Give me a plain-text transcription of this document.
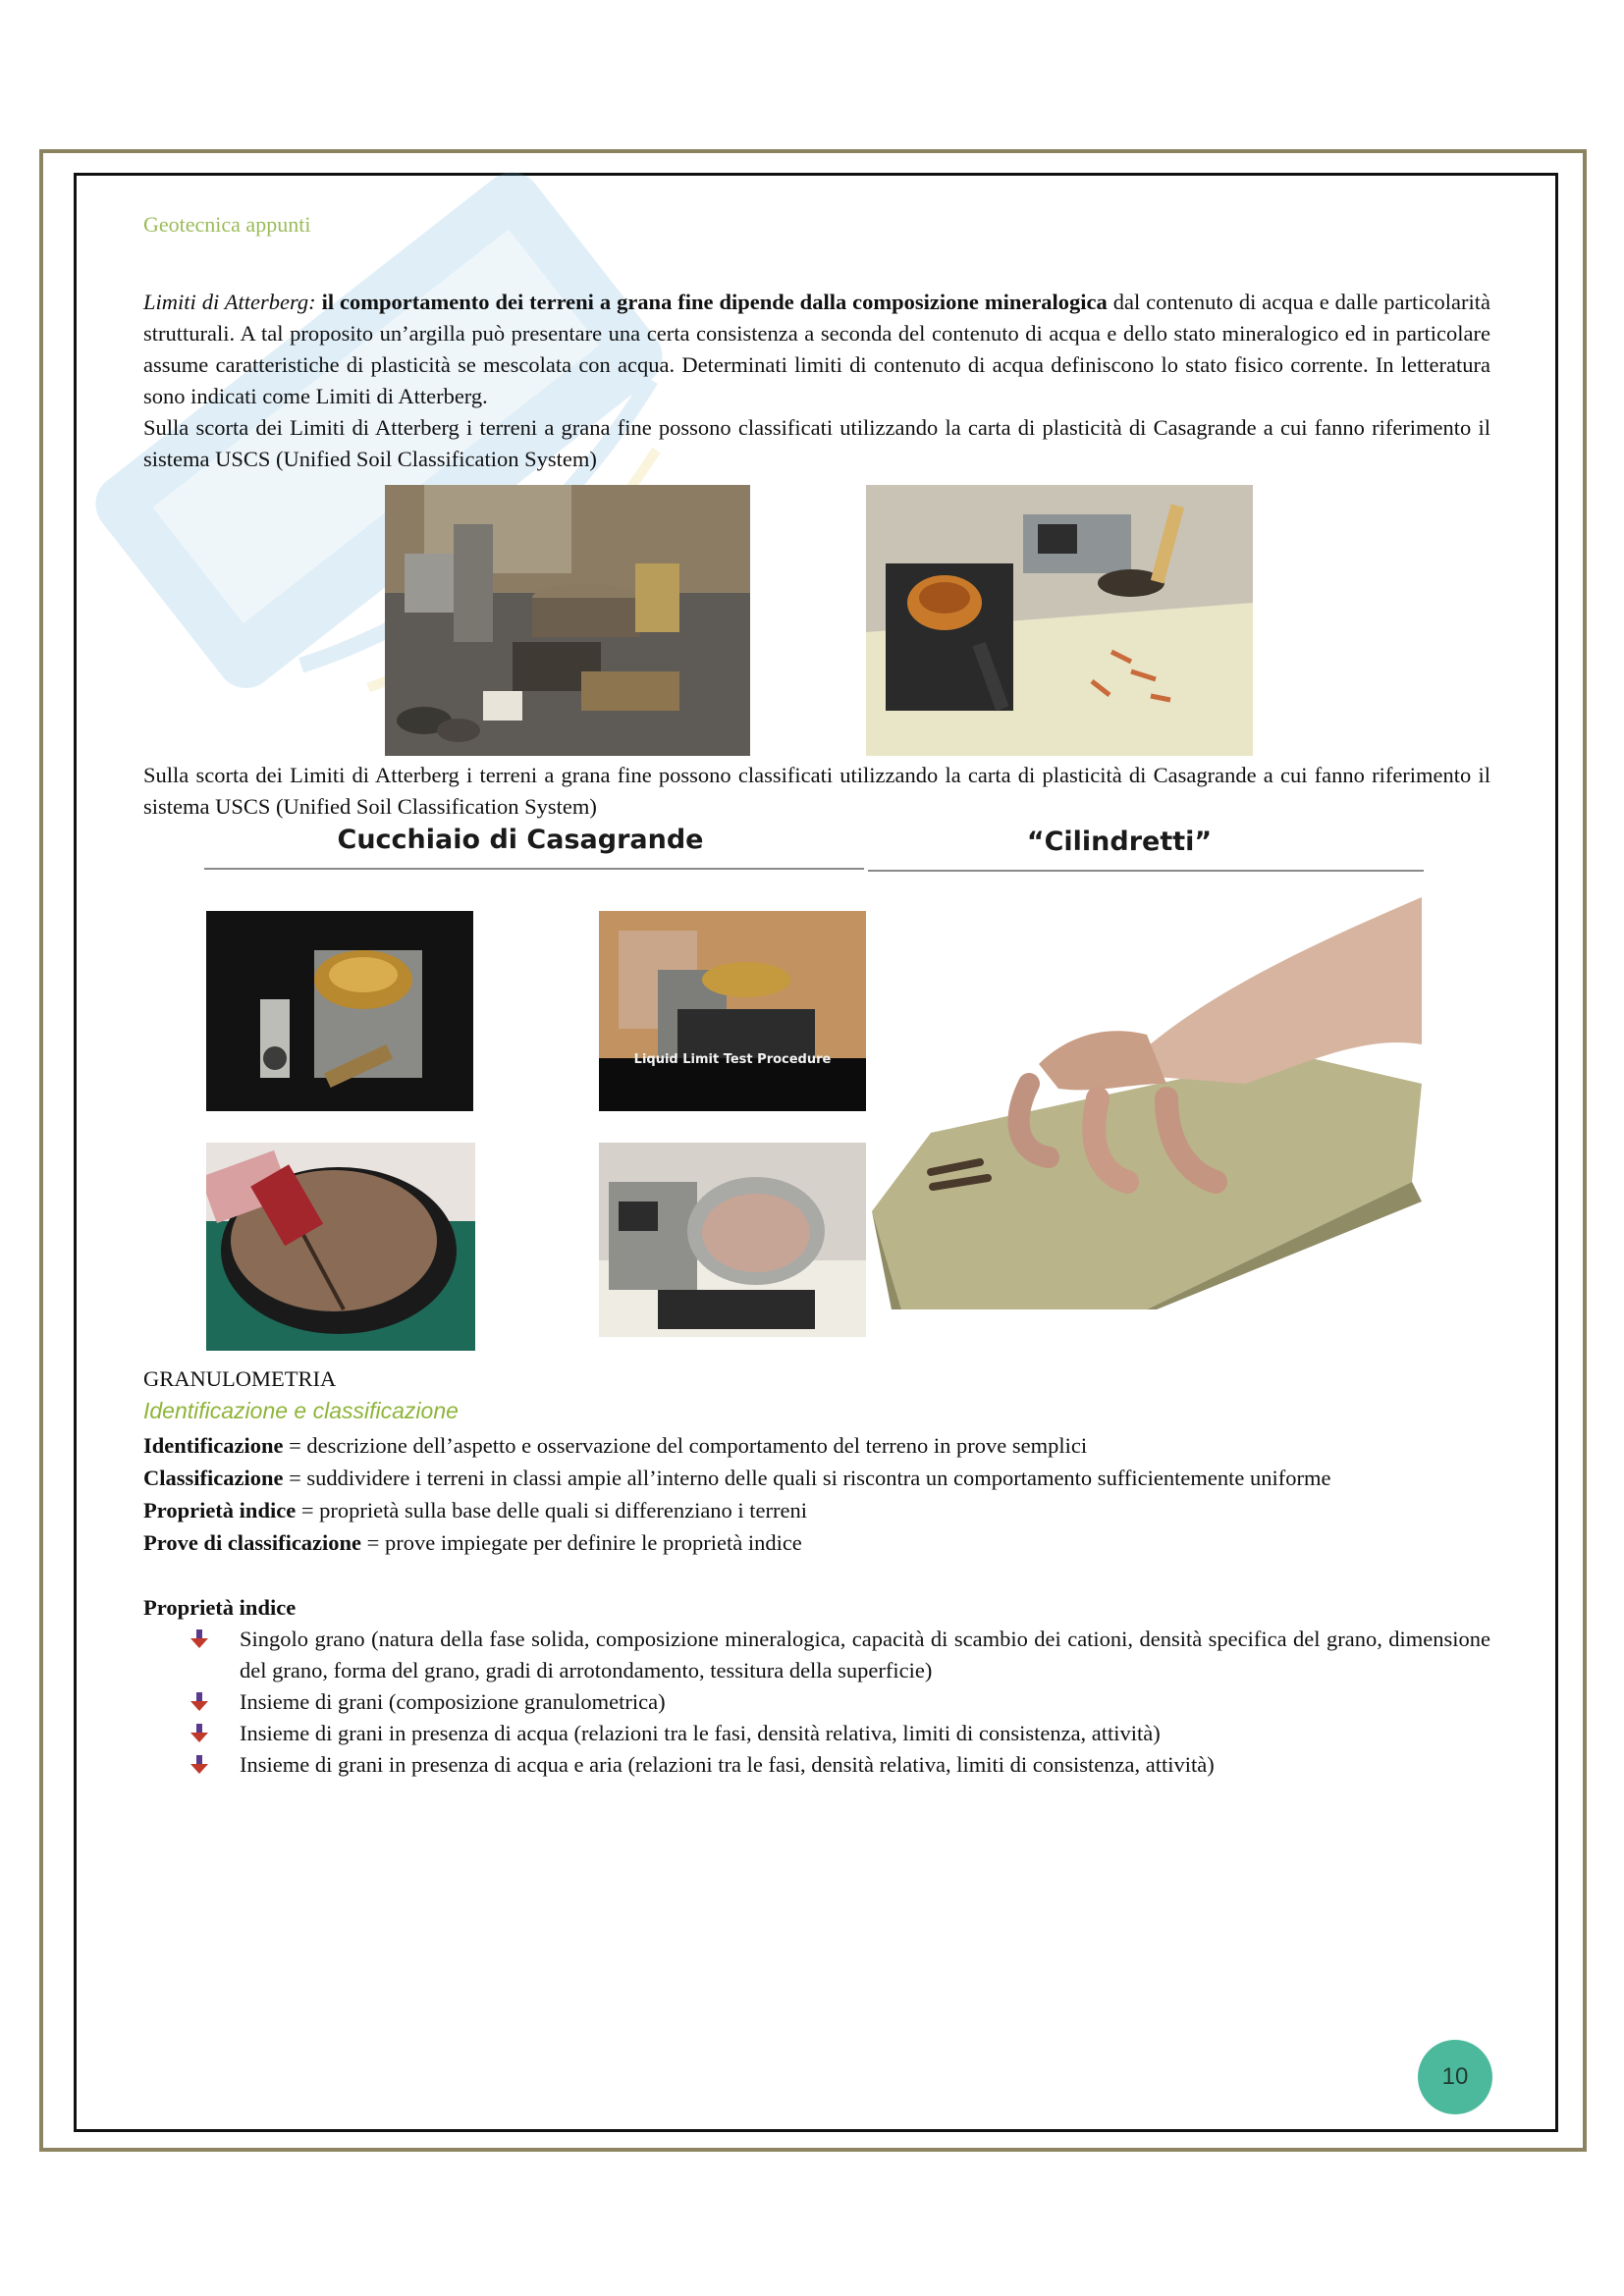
Geotecnica appunti
Limiti di Atterberg: il comportamento dei terreni a grana fine dipende dalla composizione mineralogica dal contenuto di acqua e dalle particolarità strutturali. A tal proposito un’argilla può presentare una certa consistenza a seconda del contenuto di acqua e dello stato mineralogico ed in particolare assume caratteristiche di plasticità se mescolata con acqua. Determinati limiti di contenuto di acqua definiscono lo stato fisico corrente. In letteratura sono indicati come Limiti di Atterberg.
Sulla scorta dei Limiti di Atterberg i terreni a grana fine possono classificati utilizzando la carta di plasticità di Casagrande a cui fanno riferimento il sistema USCS (Unified Soil Classification System)
Sulla scorta dei Limiti di Atterberg i terreni a grana fine possono classificati utilizzando la carta di plasticità di Casagrande a cui fanno riferimento il sistema USCS (Unified Soil Classification System)
Cucchiaio di Casagrande	“Cilindretti”
Liquid Limit Test Procedure
GRANULOMETRIA
Identificazione e classificazione
Identificazione = descrizione dell’aspetto e osservazione del comportamento del terreno in prove semplici
Classificazione = suddividere i terreni in classi ampie all’interno delle quali si riscontra un comportamento sufficientemente uniforme
Proprietà indice = proprietà sulla base delle quali si differenziano i terreni
Prove di classificazione = prove impiegate per definire le proprietà indice
Proprietà indice
Singolo grano (natura della fase solida, composizione mineralogica, capacità di scambio dei cationi, densità specifica del grano, dimensione del grano, forma del grano, gradi di arrotondamento, tessitura della superficie)
Insieme di grani (composizione granulometrica)
Insieme di grani in presenza di acqua (relazioni tra le fasi, densità relativa, limiti di consistenza, attività)
Insieme di grani in presenza di acqua e aria (relazioni tra le fasi, densità relativa, limiti di consistenza, attività)
10
